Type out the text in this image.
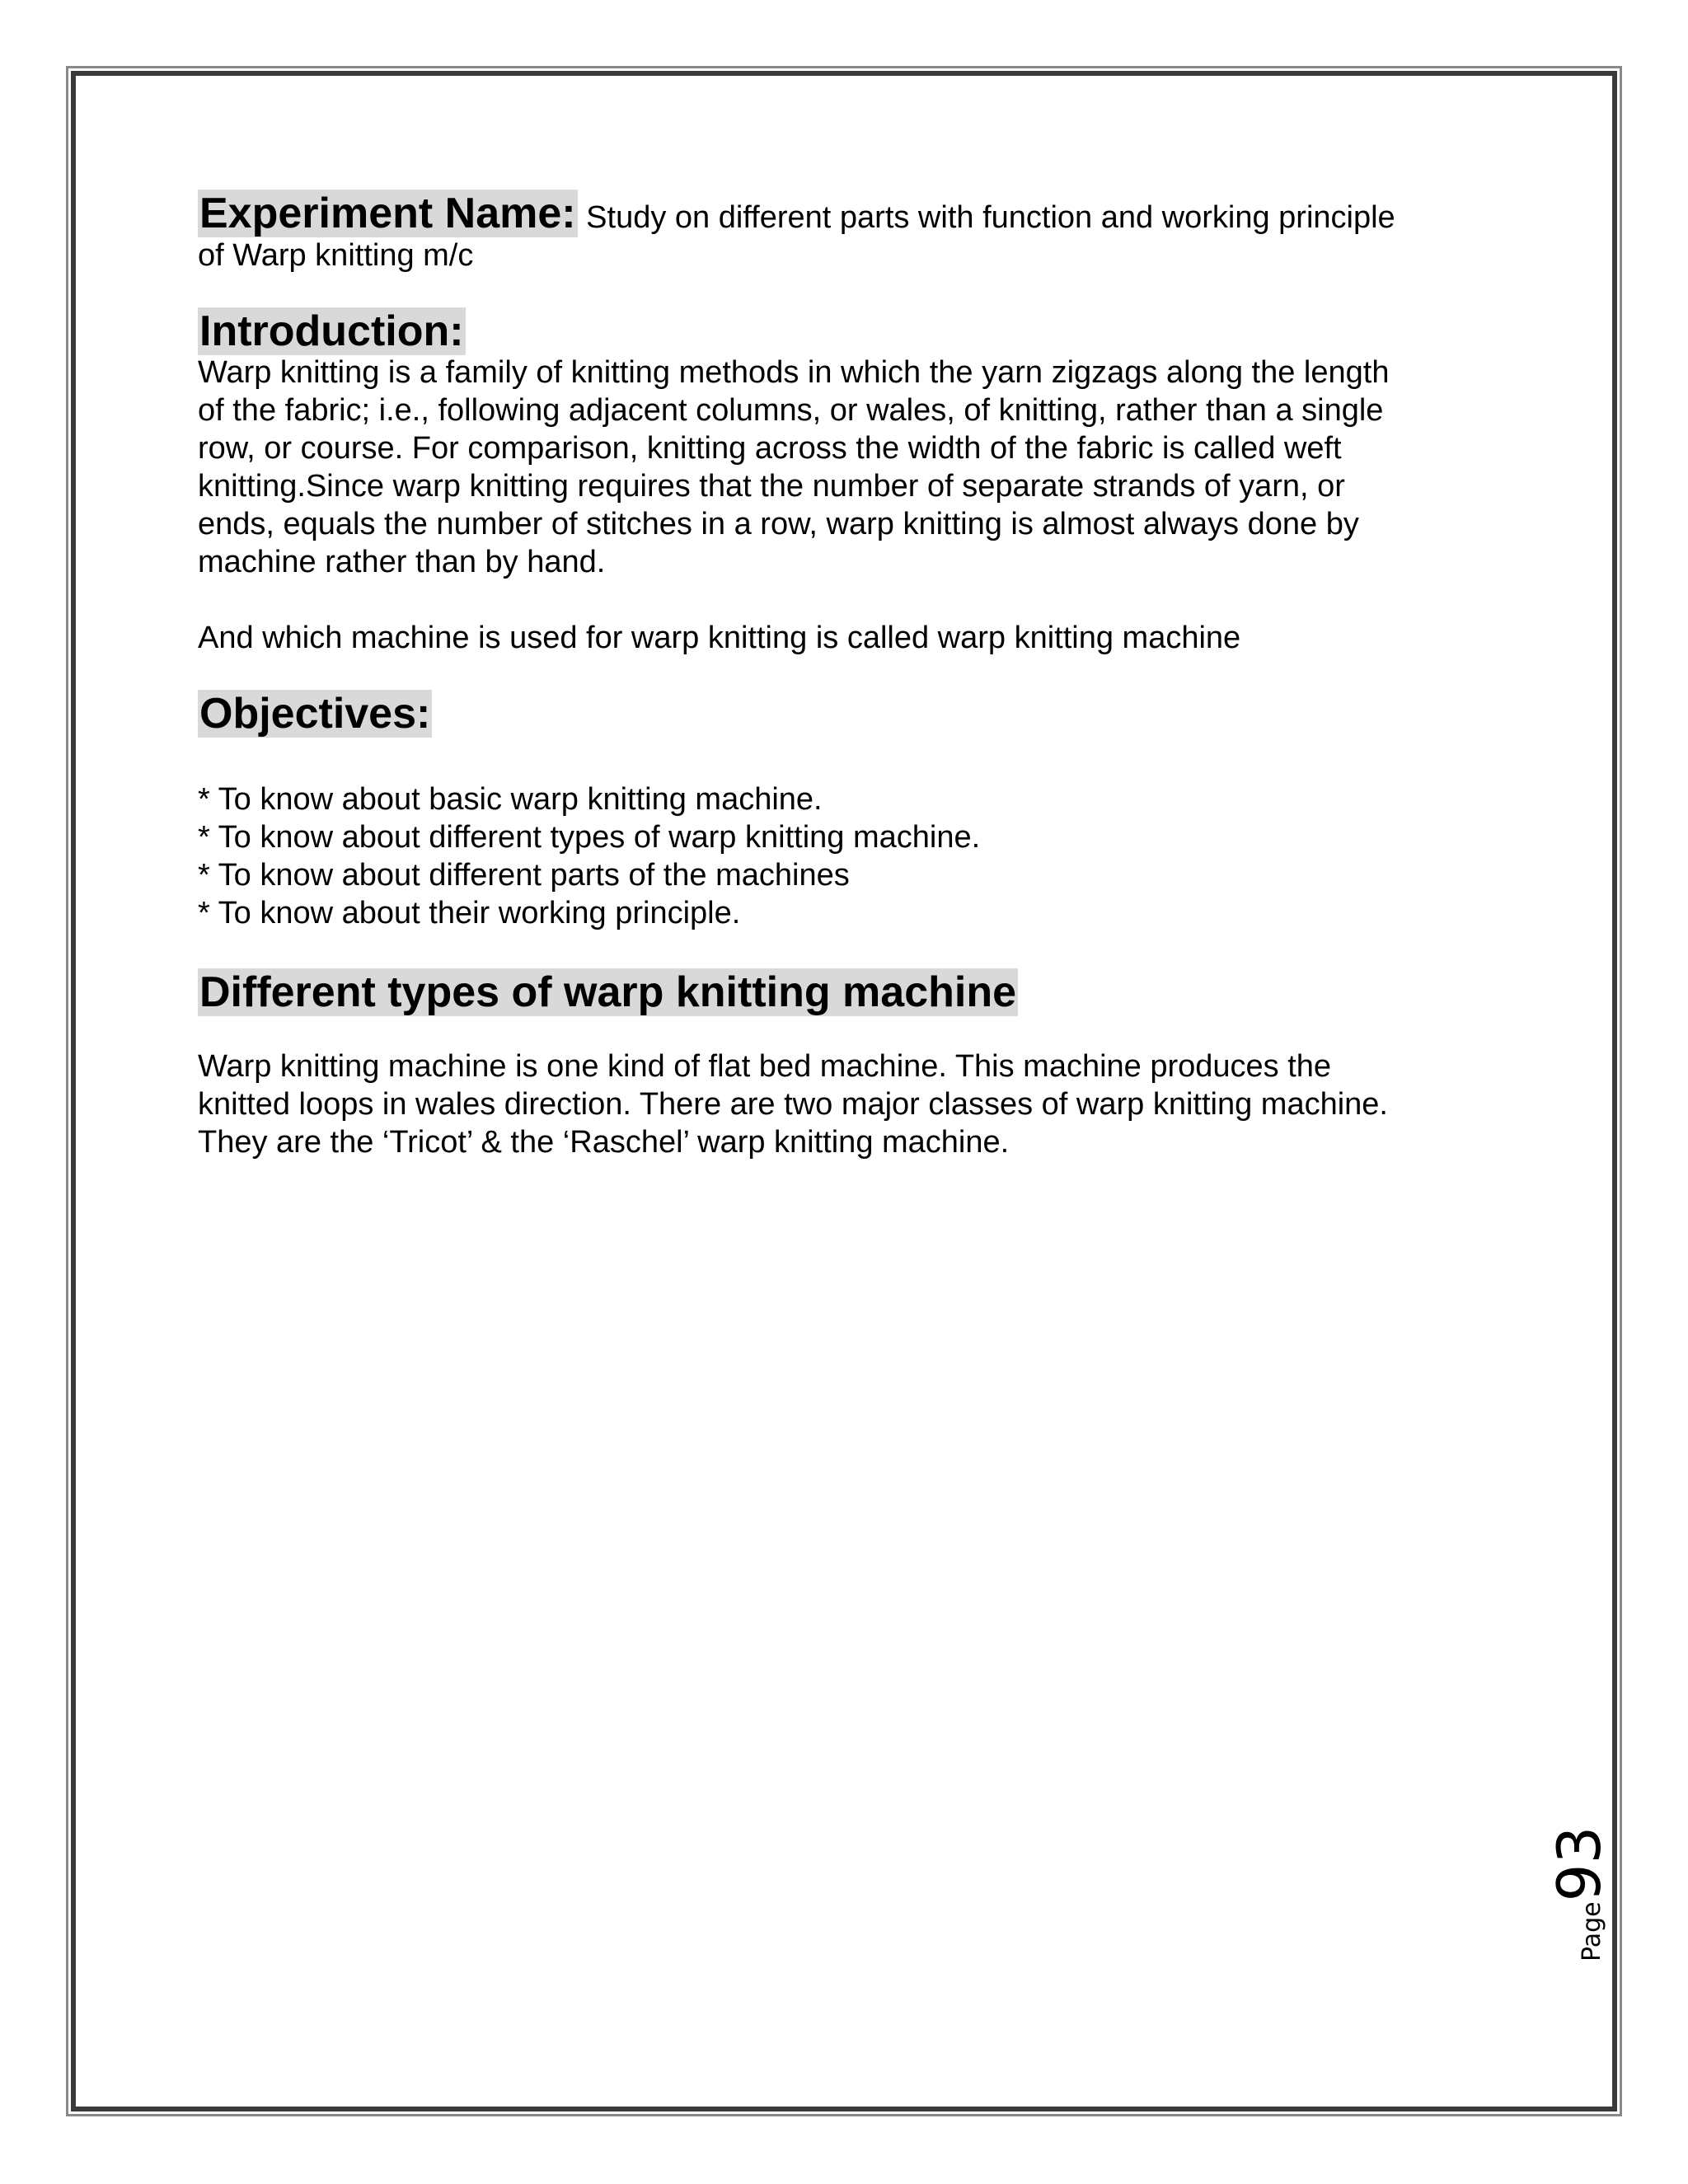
Experiment Name: Study on different parts with function and working principle

of Warp knitting m/c

Introduction:

Warp knitting is a family of knitting methods in which the yarn zigzags along the length

of the fabric; i.e., following adjacent columns, or wales, of knitting, rather than a single

row, or course. For comparison, knitting across the width of the fabric is called weft

knitting.Since warp knitting requires that the number of separate strands of yarn, or

ends, equals the number of stitches in a row, warp knitting is almost always done by

machine rather than by hand.

And which machine is used for warp knitting is called warp knitting machine

Objectives:
* To know about basic warp knitting machine.
* To know about different types of warp knitting machine.
* To know about different parts of the machines
* To know about their working principle.
Different types of warp knitting machine

Warp knitting machine is one kind of flat bed machine. This machine produces the

knitted loops in wales direction. There are two major classes of warp knitting machine.

They are the ‘Tricot’ & the ‘Raschel’ warp knitting machine.

Page93
